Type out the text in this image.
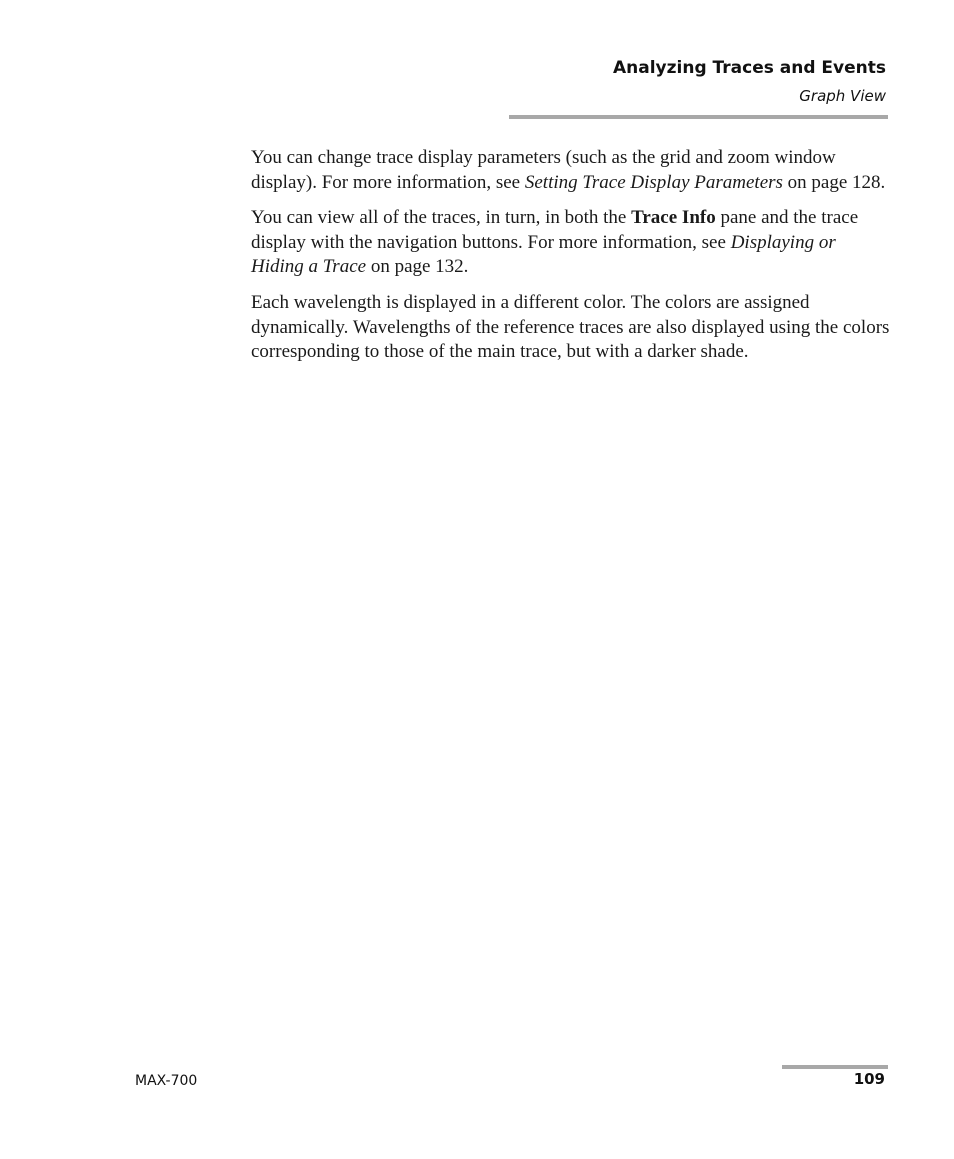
Analyzing Traces and Events
Graph View

You can change trace display parameters (such as the grid and zoom window display). For more information, see Setting Trace Display Parameters on page 128.

You can view all of the traces, in turn, in both the Trace Info pane and the trace display with the navigation buttons. For more information, see Displaying or Hiding a Trace on page 132.

Each wavelength is displayed in a different color. The colors are assigned dynamically. Wavelengths of the reference traces are also displayed using the colors corresponding to those of the main trace, but with a darker shade.

MAX-700	109
